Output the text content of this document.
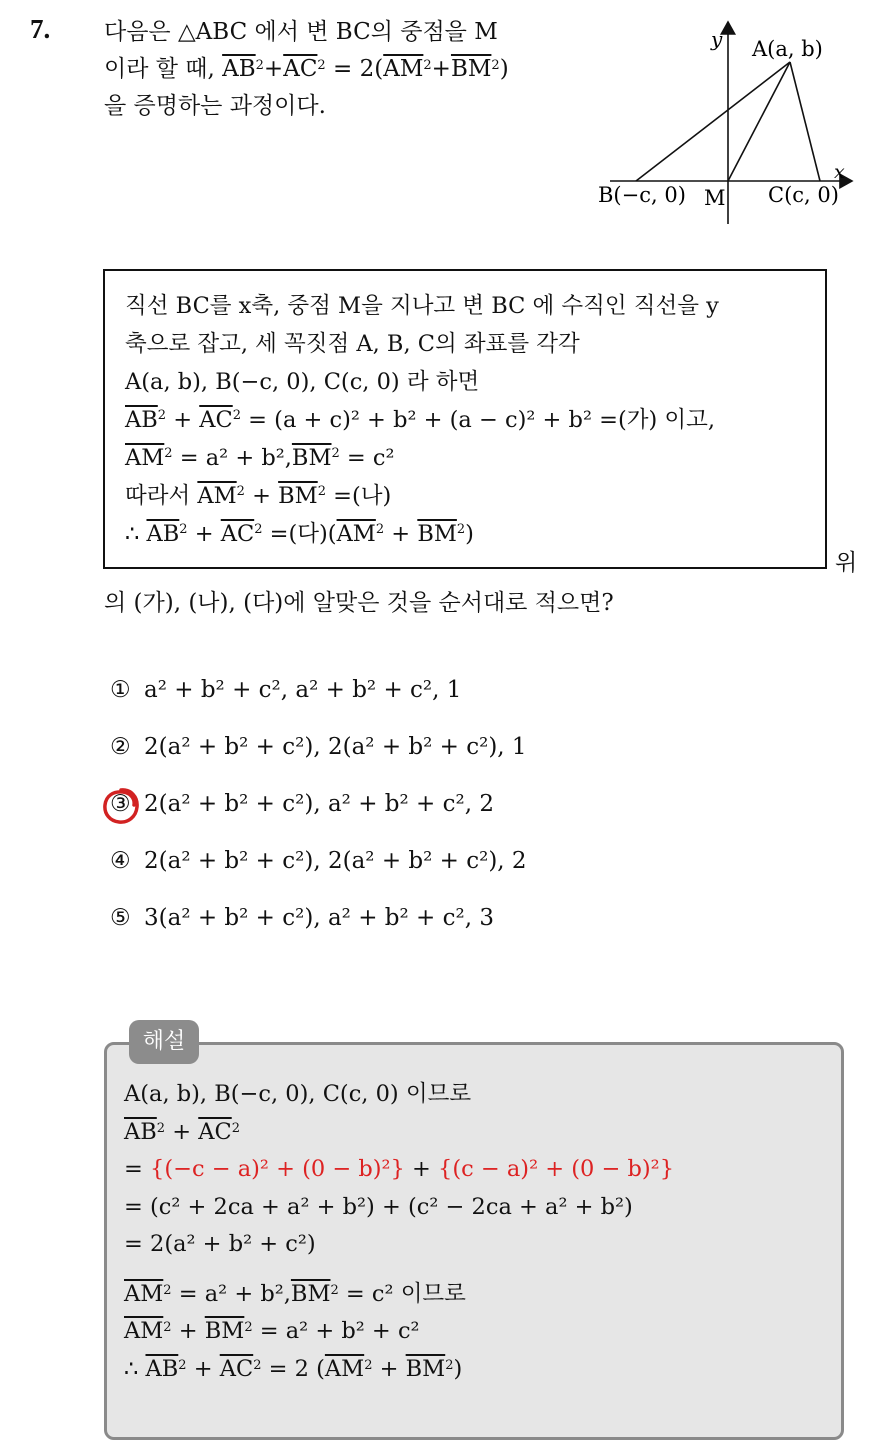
7. 다음은 △ABC 에서 변 BC의 중점을 M
이라 할 때, $\overline{AB}^2+\overline{AC}^2 = 2(\overline{AM}^2+\overline{BM}^2)$
을 증명하는 과정이다.
y
x
A(a, b)
B(−c, 0) M C(c, 0)
직선 BC를 x축, 중점 M을 지나고 변 BC 에 수직인 직선을 y
축으로 잡고, 세 꼭짓점 A, B, C의 좌표를 각각
A(a, b), B(−c, 0), C(c, 0) 라 하면
$\overline{AB}^2 + \overline{AC}^2 = (a + c)^2 + b^2 + (a - c)^2 + b^2$ =(가) 이고,
$\overline{AM}^2 = a^2 + b^2,\overline{BM}^2 = c^2$
따라서 $\overline{AM}^2 + \overline{BM}^2$ =(나)
∴ $\overline{AB}^2 + \overline{AC}^2$ =(다)$(\overline{AM}^2 + \overline{BM}^2)$
위
의 (가), (나), (다)에 알맞은 것을 순서대로 적으면?
① a² + b² + c², a² + b² + c², 1
② 2(a² + b² + c²), 2(a² + b² + c²), 1
③ 2(a² + b² + c²), a² + b² + c², 2
④ 2(a² + b² + c²), 2(a² + b² + c²), 2
⑤ 3(a² + b² + c²), a² + b² + c², 3
해설
A(a, b), B(−c, 0), C(c, 0) 이므로
$\overline{AB}^2 + \overline{AC}^2$
= {(−c − a)² + (0 − b)²} + {(c − a)² + (0 − b)²}
= (c² + 2ca + a² + b²) + (c² − 2ca + a² + b²)
= 2(a² + b² + c²)
$\overline{AM}^2 = a^2 + b^2,\overline{BM}^2 = c^2$ 이므로
$\overline{AM}^2 + \overline{BM}^2 = a^2 + b^2 + c^2$
∴ $\overline{AB}^2 + \overline{AC}^2 = 2$ $(\overline{AM}^2 + \overline{BM}^2)$
